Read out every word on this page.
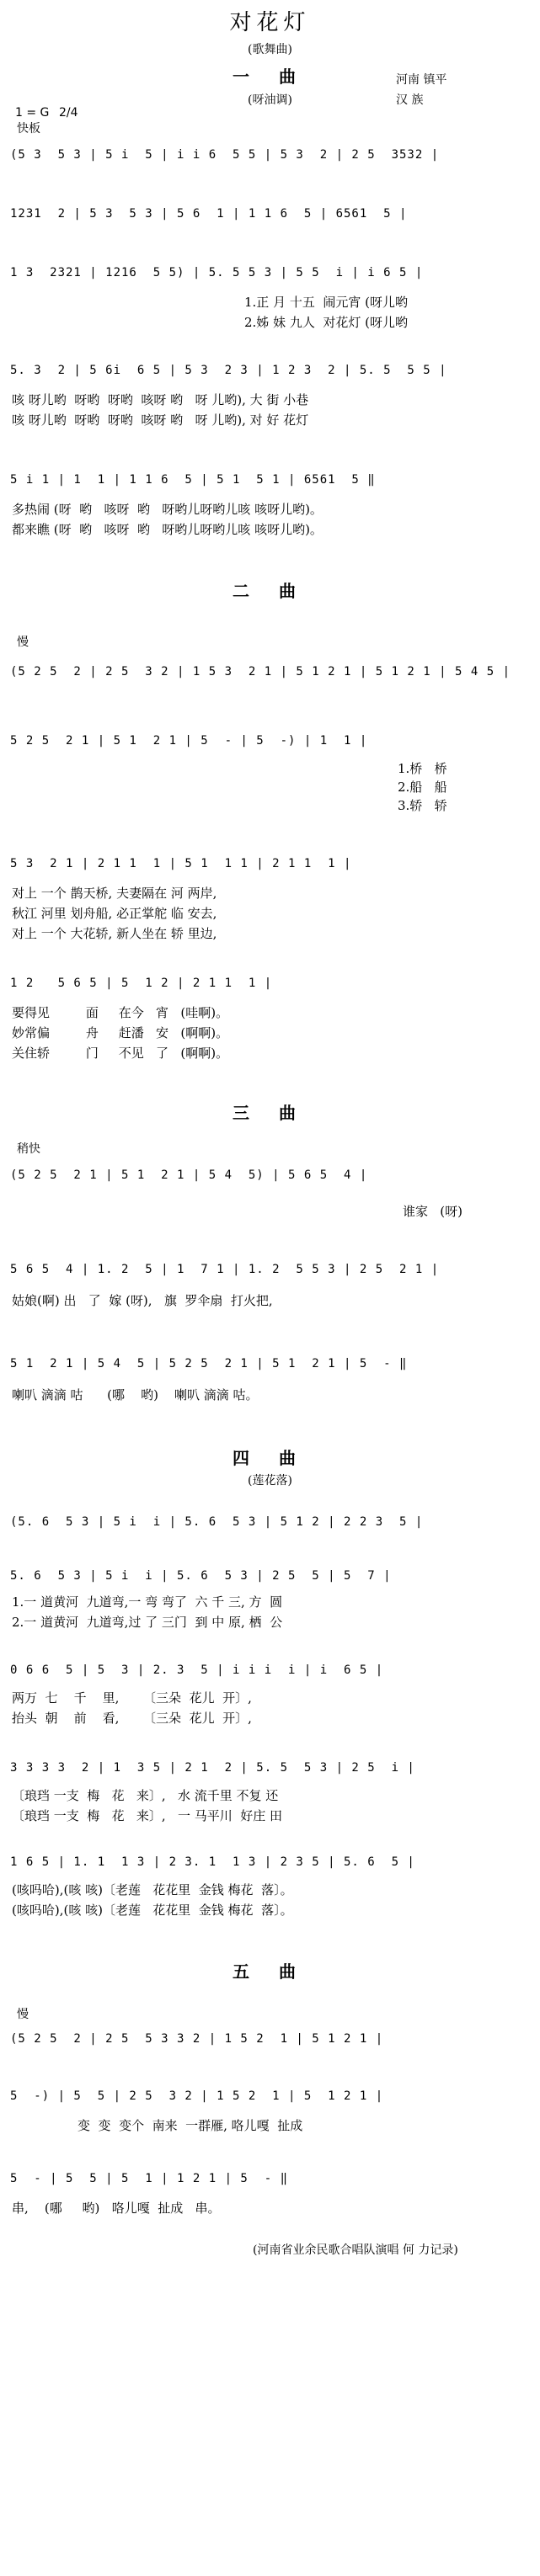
对花灯
(歌舞曲)
一 曲
(呀油调)
河南 镇平
汉 族
1 = G 2/4
快板
(5 3  5 3 | 5 i  5 | i i 6  5 5 | 5 3  2 | 2 5  3532 |
1231  2 | 5 3  5 3 | 5 6  1 | 1 1 6  5 | 6561  5 |
1 3  2321 | 1216  5 5) | 5. 5 5 3 | 5 5  i | i 6 5 |
1.正 月 十五  闹元宵 (呀儿哟
2.姊 妹 九人  对花灯 (呀儿哟
5. 3  2 | 5 6i  6 5 | 5 3  2 3 | 1 2 3  2 | 5. 5  5 5 |
咳 呀儿哟  呀哟  呀哟  咳呀 哟   呀 儿哟), 大 街 小巷
咳 呀儿哟  呀哟  呀哟  咳呀 哟   呀 儿哟), 对 好 花灯
5 i 1 | 1  1 | 1 1 6  5 | 5 1  5 1 | 6561  5 ‖
多热闹 (呀  哟   咳呀  哟   呀哟儿呀哟儿咳 咳呀儿哟)。
都来瞧 (呀  哟   咳呀  哟   呀哟儿呀哟儿咳 咳呀儿哟)。
二 曲
慢
(5 2 5  2 | 2 5  3 2 | 1 5 3  2 1 | 5 1 2 1 | 5 1 2 1 | 5 4 5 |
5 2 5  2 1 | 5 1  2 1 | 5  - | 5  -) | 1  1 |
1.桥   桥
2.船   船
3.轿   轿
5 3  2 1 | 2 1 1  1 | 5 1  1 1 | 2 1 1  1 |
对上 一个 鹊天桥, 夫妻隔在 河 两岸,
秋江 河里 划舟船, 必正掌舵 临 安去,
对上 一个 大花轿, 新人坐在 轿 里边,
1 2   5 6 5 | 5  1 2 | 2 1 1  1 |
要得见         面     在今   宵   (哇啊)。
妙常偏         舟     赶潘   安   (啊啊)。
关住轿         门     不见   了   (啊啊)。
三 曲
稍快
(5 2 5  2 1 | 5 1  2 1 | 5 4  5) | 5 6 5  4 |
谁家   (呀)
5 6 5  4 | 1. 2  5 | 1  7 1 | 1. 2  5 5 3 | 2 5  2 1 |
姑娘(啊) 出   了  嫁 (呀),   旗  罗伞扇  打火把,
5 1  2 1 | 5 4  5 | 5 2 5  2 1 | 5 1  2 1 | 5  - ‖
喇叭 滴滴 咕      (哪    哟)    喇叭 滴滴 咕。
四 曲
(莲花落)
(5. 6  5 3 | 5 i  i | 5. 6  5 3 | 5 1 2 | 2 2 3  5 |
5. 6  5 3 | 5 i  i | 5. 6  5 3 | 2 5  5 | 5  7 |
1.一 道黄河  九道弯,一 弯 弯了  六 千 三, 方  圆
2.一 道黄河  九道弯,过 了 三门  到 中 原, 栖  公
0 6 6  5 | 5  3 | 2. 3  5 | i i i  i | i  6 5 |
两万  七    千    里,      〔三朵  花儿  开〕,
抬头  朝    前    看,      〔三朵  花儿  开〕,
3 3 3 3  2 | 1  3 5 | 2 1  2 | 5. 5  5 3 | 2 5  i |
〔琅珰 一支  梅   花   来〕,   水 流千里 不复 还
〔琅珰 一支  梅   花   来〕,   一 马平川  好庄 田
1 6 5 | 1. 1  1 3 | 2 3. 1  1 3 | 2 3 5 | 5. 6  5 |
(咳吗哈),(咳 咳)〔老莲   花花里  金钱 梅花  落〕。
(咳吗哈),(咳 咳)〔老莲   花花里  金钱 梅花  落〕。
五 曲
慢
(5 2 5  2 | 2 5  5 3 3 2 | 1 5 2  1 | 5 1 2 1 |
5  -) | 5  5 | 2 5  3 2 | 1 5 2  1 | 5  1 2 1 |
变  变  变个  南来  一群雁, 咯儿嘎  扯成
5  - | 5  5 | 5  1 | 1 2 1 | 5  - ‖
串,    (哪     哟)   咯儿嘎  扯成   串。
(河南省业余民歌合唱队演唱 何 力记录)
